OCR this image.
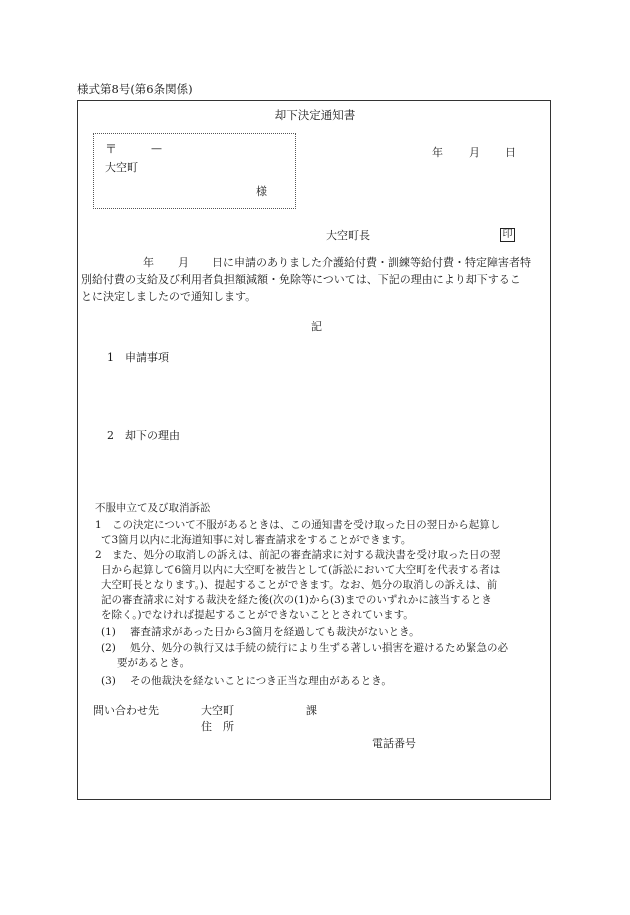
様式第8号(第6条関係)
却下決定通知書
〒	—
大空町
様
年 月 日
大空町長	印
年 月 日に申請のありました介護給付費・訓練等給付費・特定障害者特
別給付費の支給及び利用者負担額減額・免除等については、下記の理由により却下するこ
とに決定しましたので通知します。
記
1 申請事項
2 却下の理由
不服申立て及び取消訴訟
1 この決定について不服があるときは、この通知書を受け取った日の翌日から起算し
て3箇月以内に北海道知事に対し審査請求をすることができます。
2 また、処分の取消しの訴えは、前記の審査請求に対する裁決書を受け取った日の翌
日から起算して6箇月以内に大空町を被告として(訴訟において大空町を代表する者は
大空町長となります。)、提起することができます。なお、処分の取消しの訴えは、前
記の審査請求に対する裁決を経た後(次の(1)から(3)までのいずれかに該当するとき
を除く。)でなければ提起することができないこととされています。
(1) 審査請求があった日から3箇月を経過しても裁決がないとき。
(2) 処分、処分の執行又は手続の続行により生ずる著しい損害を避けるため緊急の必
要があるとき。
(3) その他裁決を経ないことにつき正当な理由があるとき。
問い合わせ先	大空町	課
住　所
電話番号
